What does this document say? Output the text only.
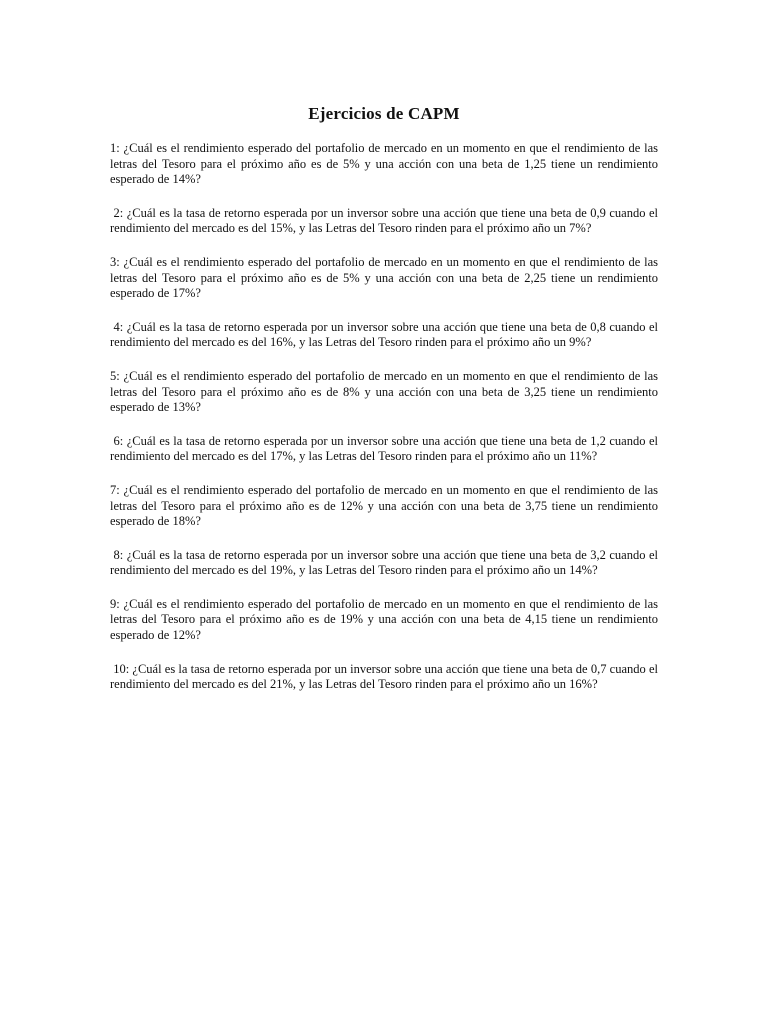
Ejercicios de CAPM

1: ¿Cuál es el rendimiento esperado del portafolio de mercado en un momento en que el rendimiento de las letras del Tesoro para el próximo año es de 5% y una acción con una beta de 1,25 tiene un rendimiento esperado de 14%?

2: ¿Cuál es la tasa de retorno esperada por un inversor sobre una acción que tiene una beta de 0,9 cuando el rendimiento del mercado es del 15%, y las Letras del Tesoro rinden para el próximo año un 7%?

3: ¿Cuál es el rendimiento esperado del portafolio de mercado en un momento en que el rendimiento de las letras del Tesoro para el próximo año es de 5% y una acción con una beta de 2,25 tiene un rendimiento esperado de 17%?

4: ¿Cuál es la tasa de retorno esperada por un inversor sobre una acción que tiene una beta de 0,8 cuando el rendimiento del mercado es del 16%, y las Letras del Tesoro rinden para el próximo año un 9%?

5: ¿Cuál es el rendimiento esperado del portafolio de mercado en un momento en que el rendimiento de las letras del Tesoro para el próximo año es de 8% y una acción con una beta de 3,25 tiene un rendimiento esperado de 13%?

6: ¿Cuál es la tasa de retorno esperada por un inversor sobre una acción que tiene una beta de 1,2 cuando el rendimiento del mercado es del 17%, y las Letras del Tesoro rinden para el próximo año un 11%?

7: ¿Cuál es el rendimiento esperado del portafolio de mercado en un momento en que el rendimiento de las letras del Tesoro para el próximo año es de 12% y una acción con una beta de 3,75 tiene un rendimiento esperado de 18%?

8: ¿Cuál es la tasa de retorno esperada por un inversor sobre una acción que tiene una beta de 3,2 cuando el rendimiento del mercado es del 19%, y las Letras del Tesoro rinden para el próximo año un 14%?

9: ¿Cuál es el rendimiento esperado del portafolio de mercado en un momento en que el rendimiento de las letras del Tesoro para el próximo año es de 19% y una acción con una beta de 4,15 tiene un rendimiento esperado de 12%?

10: ¿Cuál es la tasa de retorno esperada por un inversor sobre una acción que tiene una beta de 0,7 cuando el rendimiento del mercado es del 21%, y las Letras del Tesoro rinden para el próximo año un 16%?
